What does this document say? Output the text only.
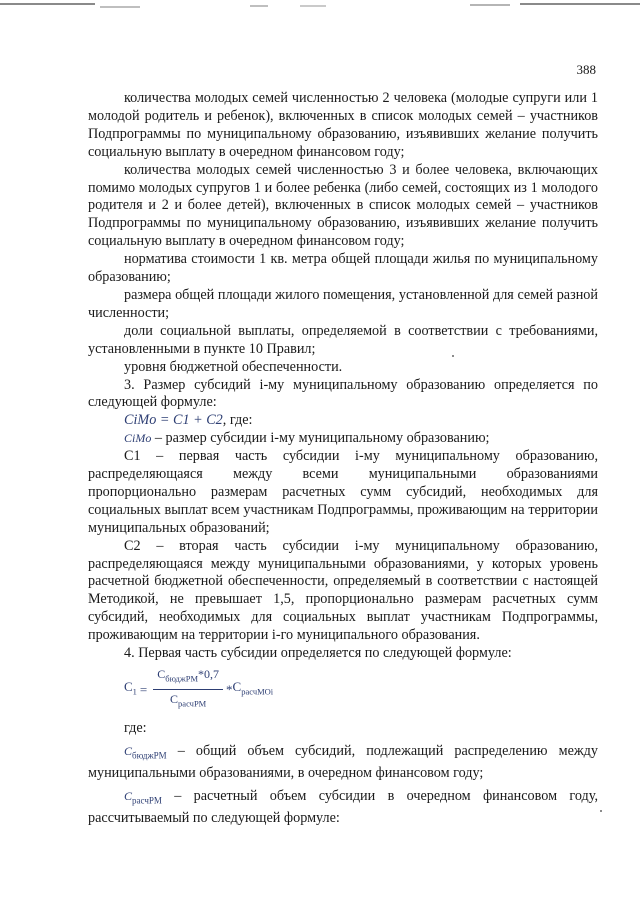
388

количества молодых семей численностью 2 человека (молодые супруги или 1 молодой родитель и ребенок), включенных в список молодых семей – участников Подпрограммы по муниципальному образованию, изъявивших желание получить социальную выплату в очередном финансовом году;

количества молодых семей численностью 3 и более человека, включающих помимо молодых супругов 1 и более ребенка (либо семей, состоящих из 1 молодого родителя и 2 и более детей), включенных в список молодых семей – участников Подпрограммы по муниципальному образованию, изъявивших желание получить социальную выплату в очередном финансовом году;

норматива стоимости 1 кв. метра общей площади жилья по муниципальному образованию;

размера общей площади жилого помещения, установленной для семей разной численности;

доли социальной выплаты, определяемой в соответствии с требованиями, установленными в пункте 10 Правил;

уровня бюджетной обеспеченности.

3. Размер субсидий i-му муниципальному образованию определяется по следующей формуле:

CiMo = C1 + C2, где:

CiMo – размер субсидии i-му муниципальному образованию;

С1 – первая часть субсидии i-му муниципальному образованию, распределяющаяся между всеми муниципальными образованиями пропорционально размерам расчетных сумм субсидий, необходимых для социальных выплат всем участникам Подпрограммы, проживающим на территории муниципальных образований;

С2 – вторая часть субсидии i-му муниципальному образованию, распределяющаяся между муниципальными образованиями, у которых уровень расчетной бюджетной обеспеченности, определяемый в соответствии с настоящей Методикой, не превышает 1,5, пропорционально размерам расчетных сумм субсидий, необходимых для социальных выплат участникам Подпрограммы, проживающим на территории i-го муниципального образования.

4. Первая часть субсидии определяется по следующей формуле:

$С_1 = \frac{С_{бюджРМ}*0,7}{С_{расчРМ}} * С_{расчМОi}$

где:

$С_{бюджРМ}$ – общий объем субсидий, подлежащий распределению между муниципальными образованиями, в очередном финансовом году;

$С_{расчРМ}$ – расчетный объем субсидии в очередном финансовом году, рассчитываемый по следующей формуле:
